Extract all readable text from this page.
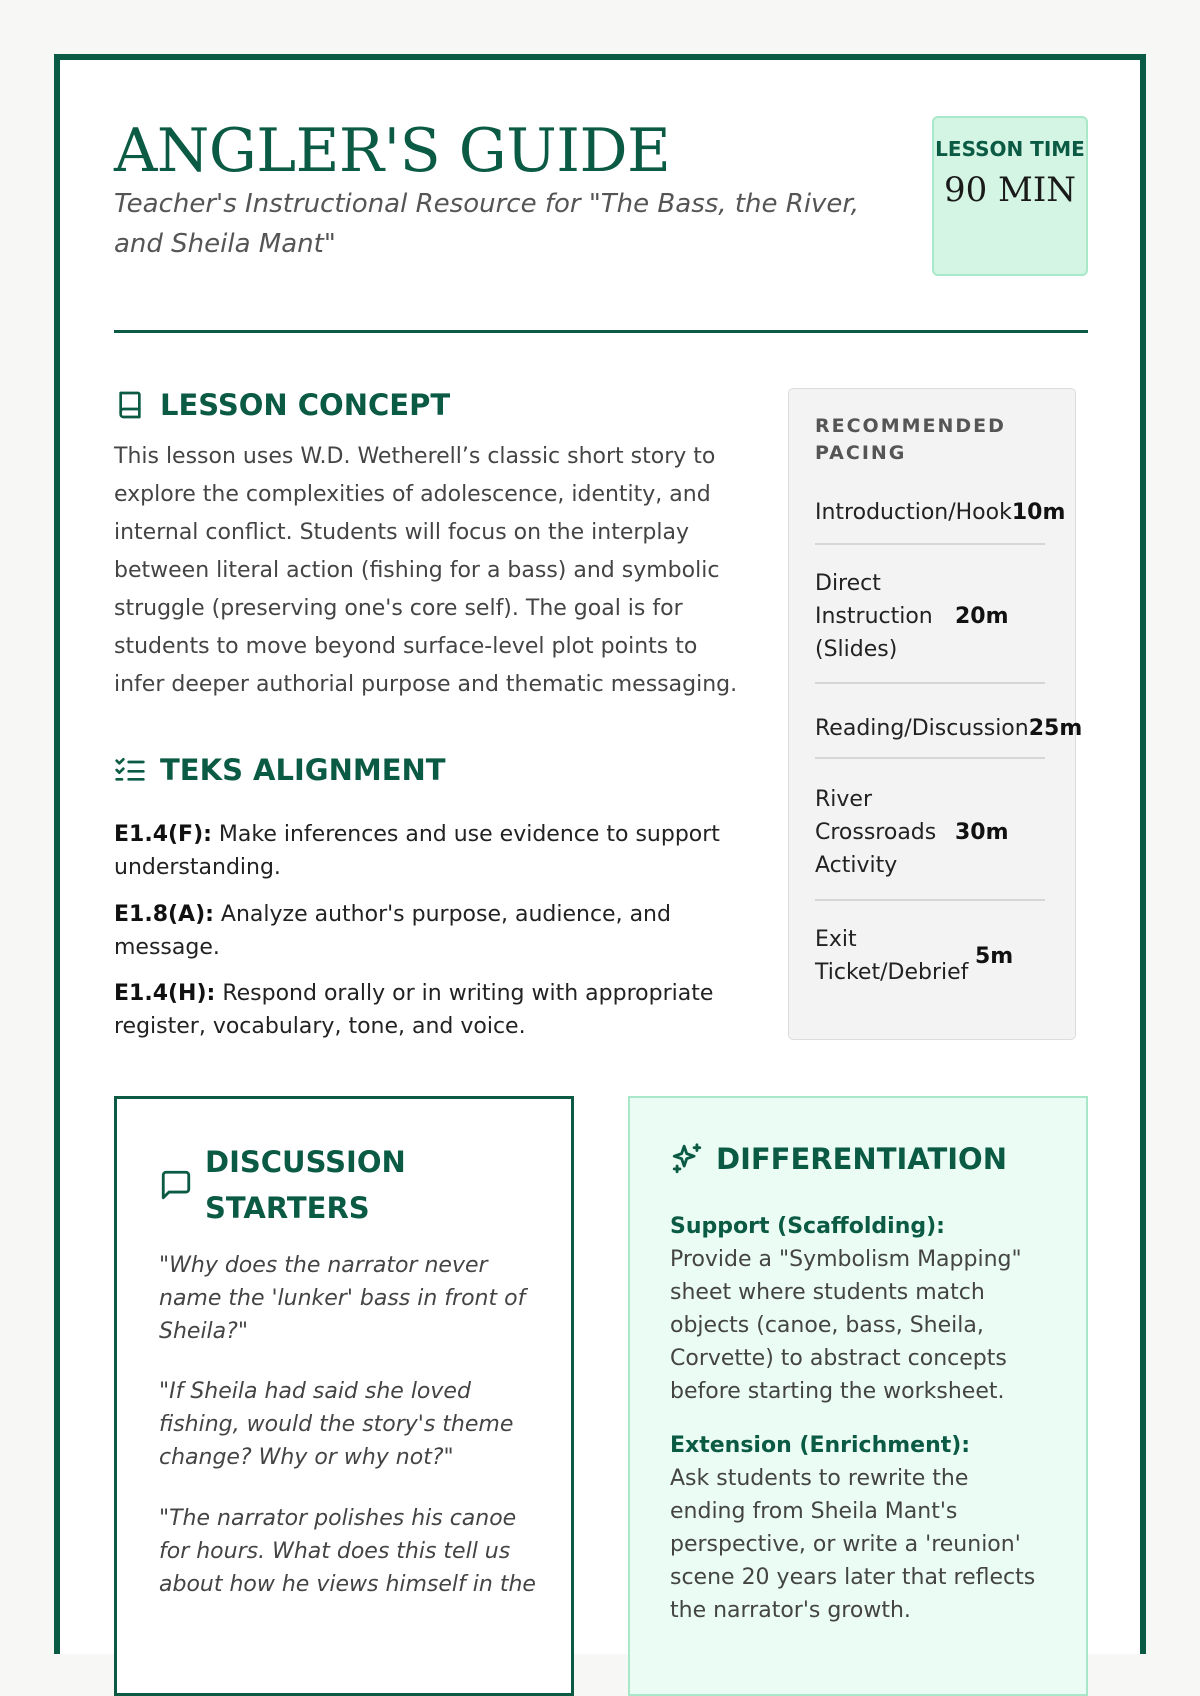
ANGLER'S GUIDE

Teacher's Instructional Resource for "The Bass, the River, and Sheila Mant"

LESSON TIME
90 MIN
LESSON CONCEPT

This lesson uses W.D. Wetherell’s classic short story to explore the complexities of adolescence, identity, and internal conflict. Students will focus on the interplay between literal action (fishing for a bass) and symbolic struggle (preserving one's core self). The goal is for students to move beyond surface-level plot points to infer deeper authorial purpose and thematic messaging.

TEKS ALIGNMENT

E1.4(F): Make inferences and use evidence to support understanding.

E1.8(A): Analyze author's purpose, audience, and message.

E1.4(H): Respond orally or in writing with appropriate register, vocabulary, tone, and voice.

RECOMMENDED PACING
Introduction/Hook 10m
Direct Instruction (Slides)
20m
Reading/Discussion 25m
River Crossroads Activity
30m
Exit Ticket/Debrief
5m
DISCUSSION STARTERS

"Why does the narrator never name the 'lunker' bass in front of Sheila?"

"If Sheila had said she loved fishing, would the story's theme change? Why or why not?"

"The narrator polishes his canoe for hours. What does this tell us about how he views himself in the

DIFFERENTIATION
Support (Scaffolding):

Provide a "Symbolism Mapping" sheet where students match objects (canoe, bass, Sheila, Corvette) to abstract concepts before starting the worksheet.

Extension (Enrichment):

Ask students to rewrite the ending from Sheila Mant's perspective, or write a 'reunion' scene 20 years later that reflects the narrator's growth.
